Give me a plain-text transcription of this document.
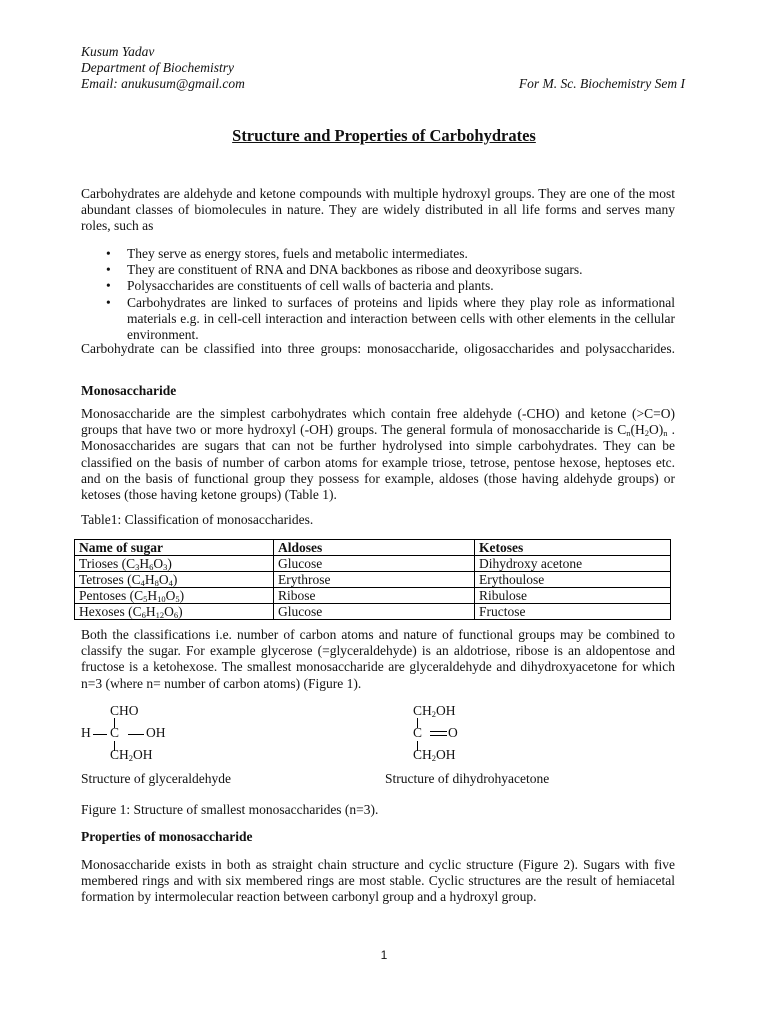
Kusum Yadav
Department of Biochemistry
Email: anukusum@gmail.com	For M. Sc. Biochemistry Sem I
Structure and Properties of Carbohydrates
Carbohydrates are aldehyde and ketone compounds with multiple hydroxyl groups. They are one of the most abundant classes of biomolecules in nature. They are widely distributed in all life forms and serves many roles, such as
• They serve as energy stores, fuels and metabolic intermediates.
• They are constituent of RNA and DNA backbones as ribose and deoxyribose sugars.
• Polysaccharides are constituents of cell walls of bacteria and plants.
• Carbohydrates are linked to surfaces of proteins and lipids where they play role as informational materials e.g. in cell-cell interaction and interaction between cells with other elements in the cellular environment.
Carbohydrate can be classified into three groups: monosaccharide, oligosaccharides and polysaccharides.
Monosaccharide
Monosaccharide are the simplest carbohydrates which contain free aldehyde (-CHO) and ketone (>C=O) groups that have two or more hydroxyl (-OH) groups. The general formula of monosaccharide is $C_n(H_2O)_n$ . Monosaccharides are sugars that can not be further hydrolysed into simple carbohydrates. They can be classified on the basis of number of carbon atoms for example triose, tetrose, pentose hexose, heptoses etc. and on the basis of functional group they possess for example, aldoses (those having aldehyde groups) or ketoses (those having ketone groups) (Table 1).
Table1: Classification of monosaccharides.
Name of sugar	Aldoses	Ketoses
Trioses $(C_3H_6O_3)$	Glucose	Dihydroxy acetone
Tetroses $(C_4H_8O_4)$	Erythrose	Erythoulose
Pentoses $(C_5H_{10}O_5)$	Ribose	Ribulose
Hexoses $(C_6H_{12}O_6)$	Glucose	Fructose
Both the classifications i.e. number of carbon atoms and nature of functional groups may be combined to classify the sugar. For example glycerose (=glyceraldehyde) is an aldotriose, ribose is an aldopentose and fructose is a ketohexose. The smallest monosaccharide are glyceraldehyde and dihydroxyacetone for which n=3 (where n= number of carbon atoms) (Figure 1).
CHO
H C OH
$CH_2OH$
Structure of glyceraldehyde
$CH_2OH$
C O
$CH_2OH$
Structure of dihydrohyacetone
Figure 1: Structure of smallest monosaccharides (n=3).
Properties of monosaccharide
Monosaccharide exists in both as straight chain structure and cyclic structure (Figure 2). Sugars with five membered rings and with six membered rings are most stable. Cyclic structures are the result of hemiacetal formation by intermolecular reaction between carbonyl group and a hydroxyl group.
1
